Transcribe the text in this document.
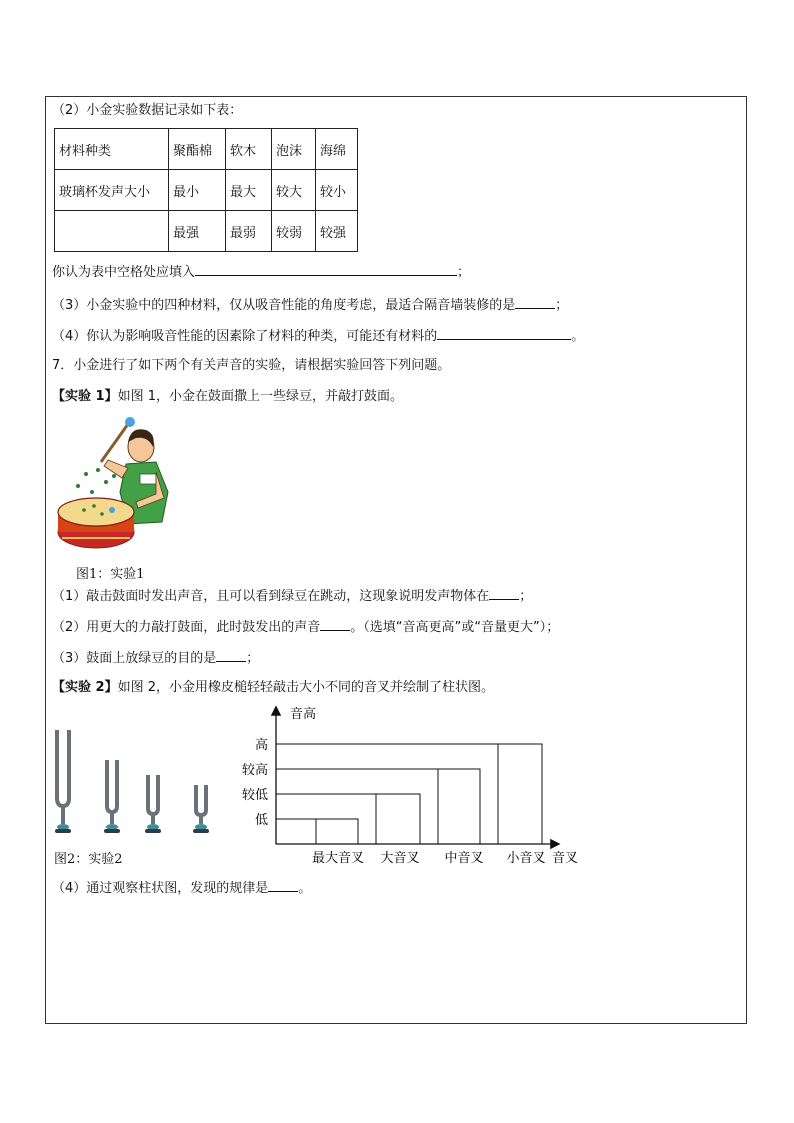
（2）小金实验数据记录如下表：
材料种类	聚酯棉	软木	泡沫	海绵
玻璃杯发声大小	最小	最大	较大	较小
	最强	最弱	较弱	较强
你认为表中空格处应填入	；
（3）小金实验中的四种材料，仅从吸音性能的角度考虑，最适合隔音墙装修的是	；
（4）你认为影响吸音性能的因素除了材料的种类，可能还有材料的	。
7．小金进行了如下两个有关声音的实验，请根据实验回答下列问题。
【实验 1】如图 1，小金在鼓面撒上一些绿豆，并敲打鼓面。
图1：实验1
（1）敲击鼓面时发出声音，且可以看到绿豆在跳动，这现象说明发声物体在 ；
（2）用更大的力敲打鼓面，此时鼓发出的声音 。（选填“音高更高”或“音量更大”）；
（3）鼓面上放绿豆的目的是 ；
【实验 2】如图 2，小金用橡皮槌轻轻敲击大小不同的音叉并绘制了柱状图。
图2：实验2
音高
音叉
低
较低
较高
高
最大音叉 大音叉 中音叉 小音叉
（4）通过观察柱状图，发现的规律是 。
